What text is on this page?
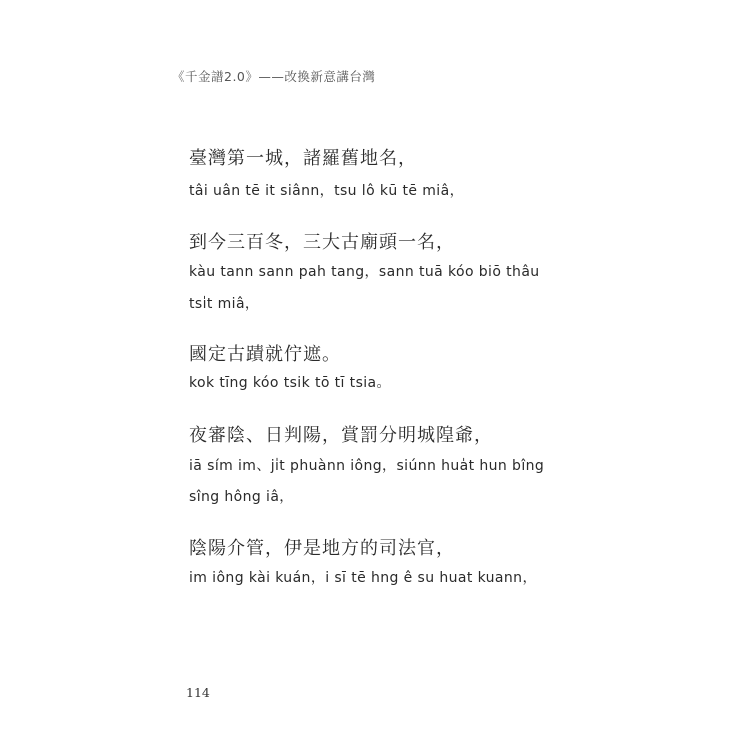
《千金譜2.0》——改換新意講台灣
臺灣第一城，諸羅舊地名，
tâi uân tē it siânn，tsu lô kū tē miâ，
到今三百冬，三大古廟頭一名，
kàu tann sann pah tang，sann tuā kóo biō thâu
tsi̍t miâ，
國定古蹟就佇遮。
kok tīng kóo tsik tō tī tsia。
夜審陰、日判陽，賞罰分明城隍爺，
iā sím im、ji̍t phuànn iông，siúnn hua̍t hun bîng
sîng hông iâ，
陰陽介管，伊是地方的司法官，
im iông kài kuán，i sī tē hng ê su huat kuann，
114
